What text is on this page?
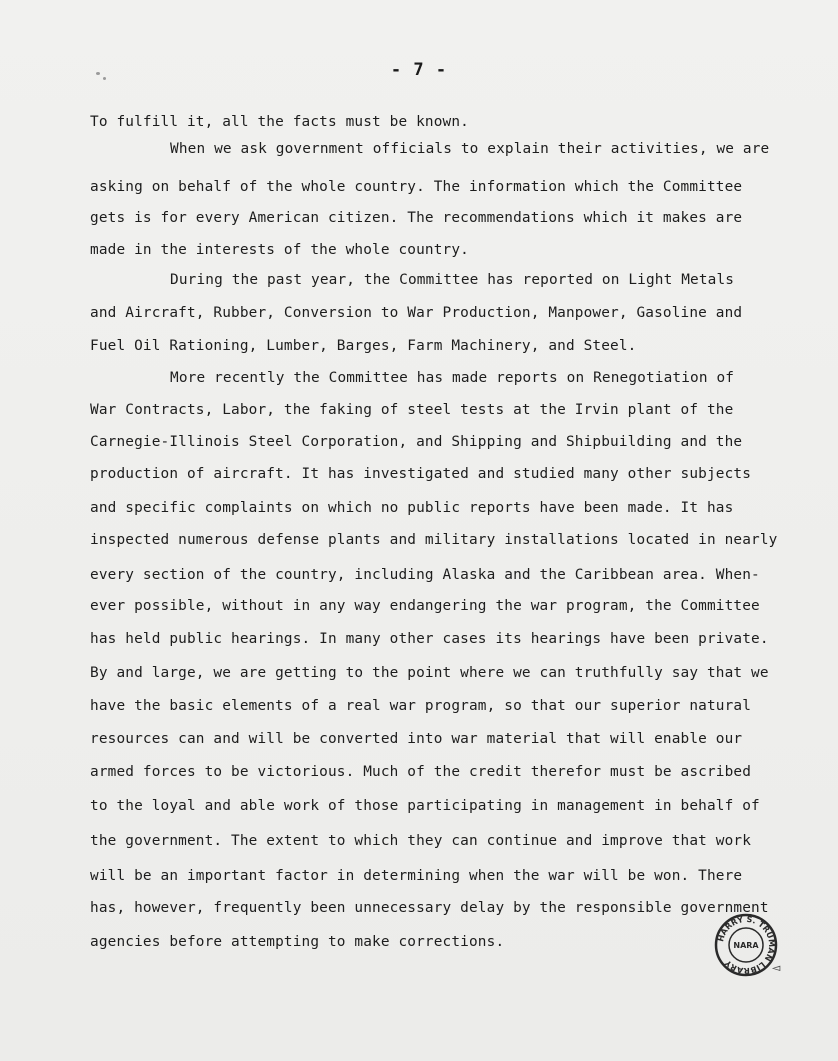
- 7 -
To fulfill it, all the facts must be known.
When we ask government officials to explain their activities, we are
asking on behalf of the whole country. The information which the Committee
gets is for every American citizen. The recommendations which it makes are
made in the interests of the whole country.
During the past year, the Committee has reported on Light Metals
and Aircraft, Rubber, Conversion to War Production, Manpower, Gasoline and
Fuel Oil Rationing, Lumber, Barges, Farm Machinery, and Steel.
More recently the Committee has made reports on Renegotiation of
War Contracts, Labor, the faking of steel tests at the Irvin plant of the
Carnegie-Illinois Steel Corporation, and Shipping and Shipbuilding and the
production of aircraft. It has investigated and studied many other subjects
and specific complaints on which no public reports have been made. It has
inspected numerous defense plants and military installations located in nearly
every section of the country, including Alaska and the Caribbean area. When-
ever possible, without in any way endangering the war program, the Committee
has held public hearings. In many other cases its hearings have been private.
By and large, we are getting to the point where we can truthfully say that we
have the basic elements of a real war program, so that our superior natural
resources can and will be converted into war material that will enable our
armed forces to be victorious. Much of the credit therefor must be ascribed
to the loyal and able work of those participating in management in behalf of
the government. The extent to which they can continue and improve that work
will be an important factor in determining when the war will be won. There
has, however, frequently been unnecessary delay by the responsible government
agencies before attempting to make corrections.	HARRY S. TRUMAN LIBRARY
NARA
◅
